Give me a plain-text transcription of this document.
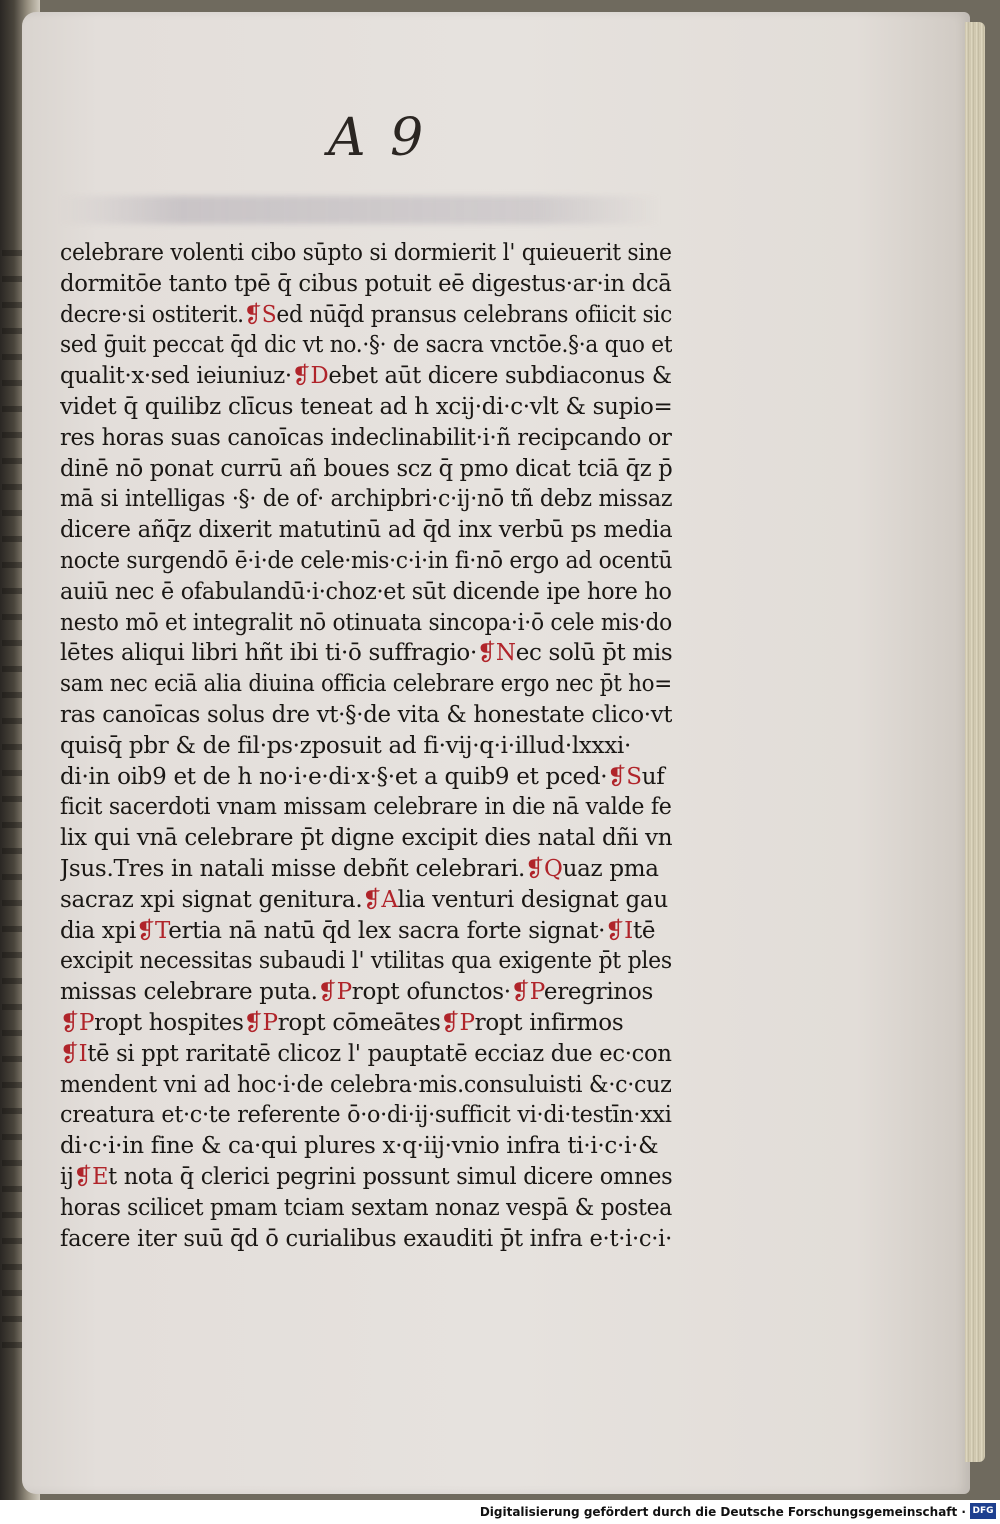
A 9
celebrare volenti cibo sūpto si dormierit l' quieuerit sine
dormitōe tanto tpē q̄ cibus potuit eē digestus·ar·in dcā
decre·si ostiterit.❡Sed nūq̄d pransus celebrans ofiicit sic
sed ḡuit peccat q̄d dic vt no.·§· de sacra vnctōe.§·a quo et
qualit·x·sed ieiuniuz·❡Debet aūt dicere subdiaconus &
videt q̄ quilibz clīcus teneat ad h xcij·di·c·vlt & supio=
res horas suas canoīcas indeclinabilit·i·ñ recipcando or
dinē nō ponat currū añ boues scz q̄ pmo dicat tciā q̄z p̄
mā si intelligas ·§· de of· archipbri·c·ij·nō tñ debz missaz
dicere añq̄z dixerit matutinū ad q̄d inx verbū ps media
nocte surgendō ē·i·de cele·mis·c·i·in fi·nō ergo ad ocentū
auiū nec ē ofabulandū·i·choz·et sūt dicende ipe hore ho
nesto mō et integralit nō otinuata sincopa·i·ō cele mis·do
lētes aliqui libri hñt ibi ti·ō suffragio·❡Nec solū p̄t mis
sam nec eciā alia diuina officia celebrare ergo nec p̄t ho=
ras canoīcas solus dre vt·§·de vita & honestate clico·vt
quisq̄ pbr & de fil·ps·zposuit ad fi·vij·q·i·illud·lxxxi·
di·in oib9 et de h no·i·e·di·x·§·et a quib9 et pced·❡Suf
ficit sacerdoti vnam missam celebrare in die nā valde fe
lix qui vnā celebrare p̄t digne excipit dies natal dñi vn
Jsus.Tres in natali misse debñt celebrari.❡Quaz pma
sacraz xpi signat genitura.❡Alia venturi designat gau
dia xpi❡Tertia nā natū q̄d lex sacra forte signat·❡Itē
excipit necessitas subaudi l' vtilitas qua exigente p̄t ples
missas celebrare puta.❡Propt ofunctos·❡Peregrinos
❡Propt hospites❡Propt cōmeātes❡Propt infirmos
❡Itē si ppt raritatē clicoz l' pauptatē ecciaz due ec·con
mendent vni ad hoc·i·de celebra·mis.consuluisti &·c·cuz
creatura et·c·te referente ō·o·di·ij·sufficit vi·di·testīn·xxi
di·c·i·in fine & ca·qui plures x·q·iij·vnio infra ti·i·c·i·&
ij❡Et nota q̄ clerici pegrini possunt simul dicere omnes
horas scilicet pmam tciam sextam nonaz vespā & postea
facere iter suū q̄d ō curialibus exauditi p̄t infra e·t·i·c·i·
Digitalisierung gefördert durch die Deutsche Forschungsgemeinschaft · DFG
